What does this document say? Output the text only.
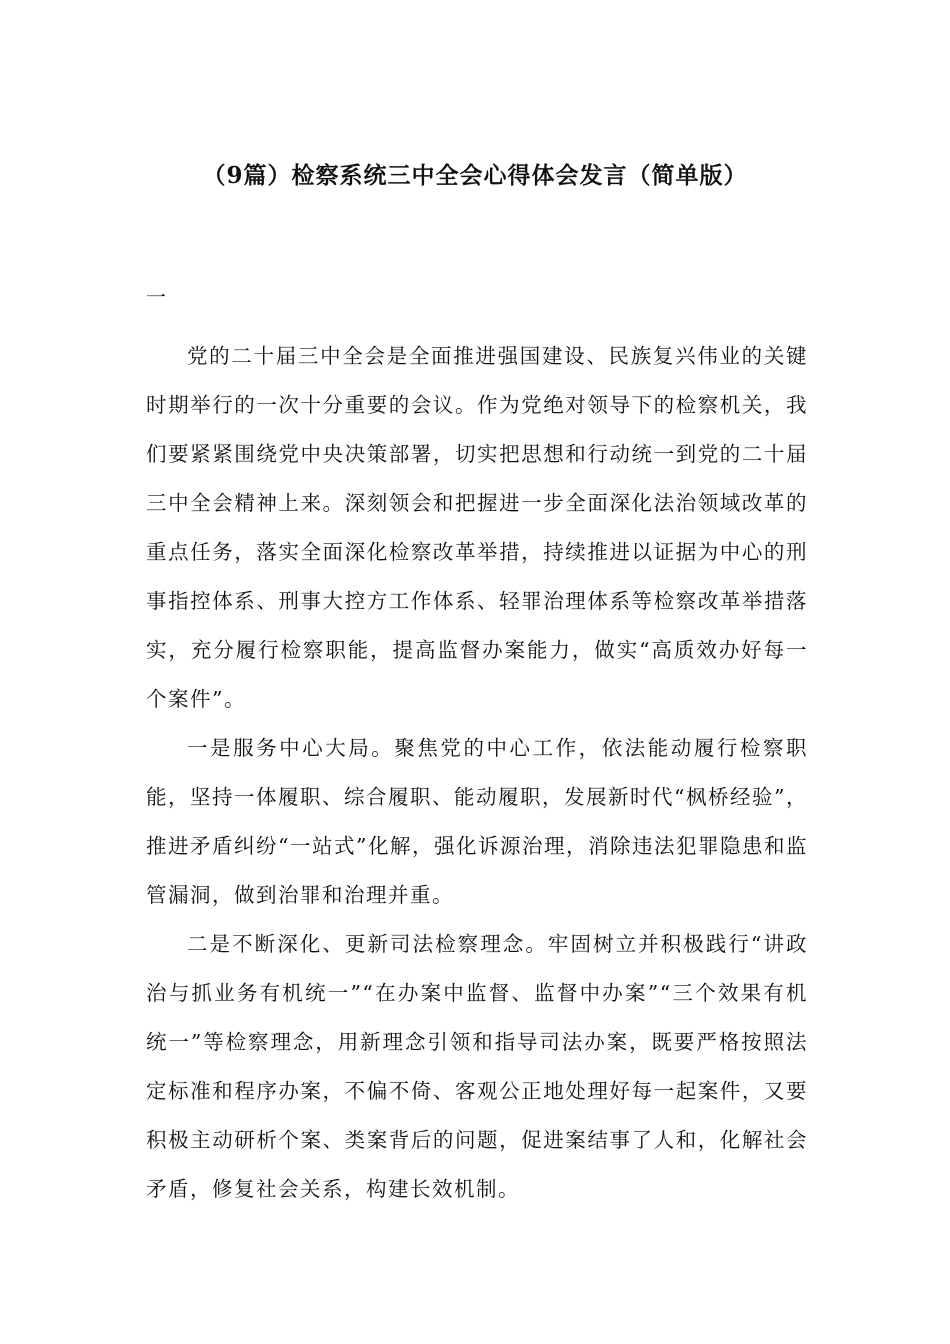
（9篇）检察系统三中全会心得体会发言（简单版）
一

党的二十届三中全会是全面推进强国建设、民族复兴伟业的关键时期举行的一次十分重要的会议。作为党绝对领导下的检察机关，我们要紧紧围绕党中央决策部署，切实把思想和行动统一到党的二十届三中全会精神上来。深刻领会和把握进一步全面深化法治领域改革的重点任务，落实全面深化检察改革举措，持续推进以证据为中心的刑事指控体系、刑事大控方工作体系、轻罪治理体系等检察改革举措落实，充分履行检察职能，提高监督办案能力，做实“高质效办好每一个案件”。

一是服务中心大局。聚焦党的中心工作，依法能动履行检察职能，坚持一体履职、综合履职、能动履职，发展新时代“枫桥经验”，推进矛盾纠纷“一站式”化解，强化诉源治理，消除违法犯罪隐患和监管漏洞，做到治罪和治理并重。

二是不断深化、更新司法检察理念。牢固树立并积极践行“讲政治与抓业务有机统一”“在办案中监督、监督中办案”“三个效果有机统一”等检察理念，用新理念引领和指导司法办案，既要严格按照法定标准和程序办案，不偏不倚、客观公正地处理好每一起案件，又要积极主动研析个案、类案背后的问题，促进案结事了人和，化解社会矛盾，修复社会关系，构建长效机制。
